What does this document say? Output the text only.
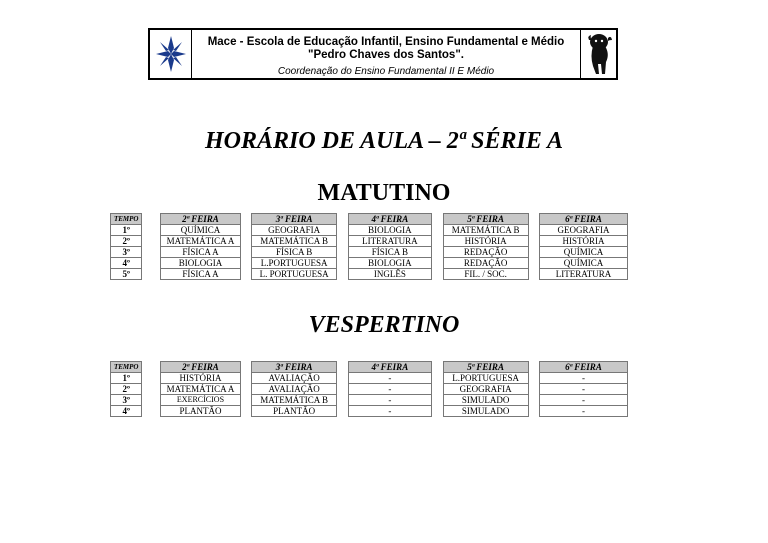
Mace - Escola de Educação Infantil, Ensino Fundamental e Médio
"Pedro Chaves dos Santos".
Coordenação do Ensino Fundamental II E Médio
HORÁRIO DE AULA – 2ª SÉRIE A
MATUTINO
TEMPO		2ª FEIRA		3ª FEIRA		4ª FEIRA		5ª FEIRA		6ª FEIRA
1º		QUÍMICA		GEOGRAFIA		BIOLOGIA		MATEMÁTICA B		GEOGRAFIA
2º		MATEMÁTICA A		MATEMÁTICA B		LITERATURA		HISTÓRIA		HISTÓRIA
3º		FÍSICA A		FÍSICA B		FÍSICA B		REDAÇÃO		QUÍMICA
4º		BIOLOGIA		L.PORTUGUESA		BIOLOGIA		REDAÇÃO		QUÍMICA
5º		FÍSICA A		L. PORTUGUESA		INGLÊS		FIL. / SOC.		LITERATURA
VESPERTINO
TEMPO		2ª FEIRA		3ª FEIRA		4ª FEIRA		5ª FEIRA		6ª FEIRA
1º		HISTÓRIA		AVALIAÇÃO		-		L.PORTUGUESA		-
2º		MATEMÁTICA A		AVALIAÇÃO		-		GEOGRAFIA		-
3º		EXERCÍCIOS		MATEMÁTICA B		-		SIMULADO		-
4º		PLANTÃO		PLANTÃO		-		SIMULADO		-
